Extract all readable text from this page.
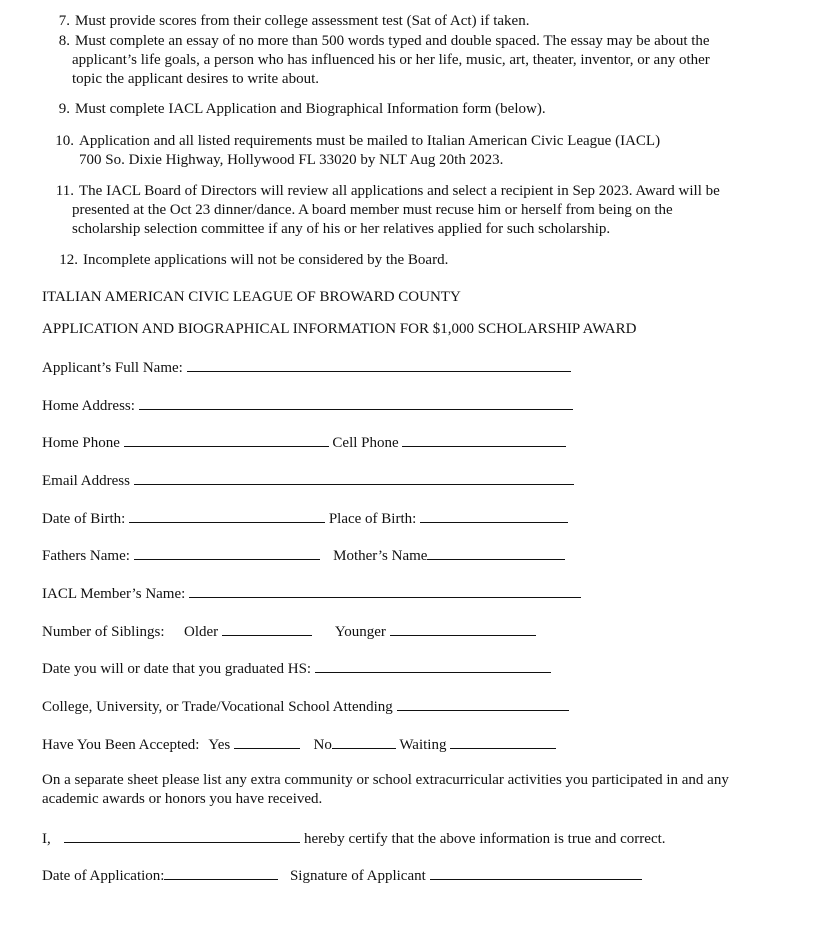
7. Must provide scores from their college assessment test (Sat of Act) if taken.
8. Must complete an essay of no more than 500 words typed and double spaced. The essay may be about the
applicant’s life goals, a person who has influenced his or her life, music, art, theater, inventor, or any other
topic the applicant desires to write about.
9. Must complete IACL Application and Biographical Information form (below).
10. Application and all listed requirements must be mailed to Italian American Civic League (IACL)
700 So. Dixie Highway, Hollywood FL 33020 by NLT Aug 20th 2023.
11. The IACL Board of Directors will review all applications and select a recipient in Sep 2023. Award will be
presented at the Oct 23 dinner/dance. A board member must recuse him or herself from being on the
scholarship selection committee if any of his or her relatives applied for such scholarship.
12. Incomplete applications will not be considered by the Board.
ITALIAN AMERICAN CIVIC LEAGUE OF BROWARD COUNTY
APPLICATION AND BIOGRAPHICAL INFORMATION FOR $1,000 SCHOLARSHIP AWARD
Applicant’s Full Name:
Home Address:
Home Phone	Cell Phone
Email Address
Date of Birth:	Place of Birth:
Fathers Name:	Mother’s Name
IACL Member’s Name:
Number of Siblings: Older	Younger
Date you will or date that you graduated HS:
College, University, or Trade/Vocational School Attending
Have You Been Accepted: Yes	No	Waiting
On a separate sheet please list any extra community or school extracurricular activities you participated in and any academic awards or honors you have received.
I,	hereby certify that the above information is true and correct.
Date of Application:	Signature of Applicant
